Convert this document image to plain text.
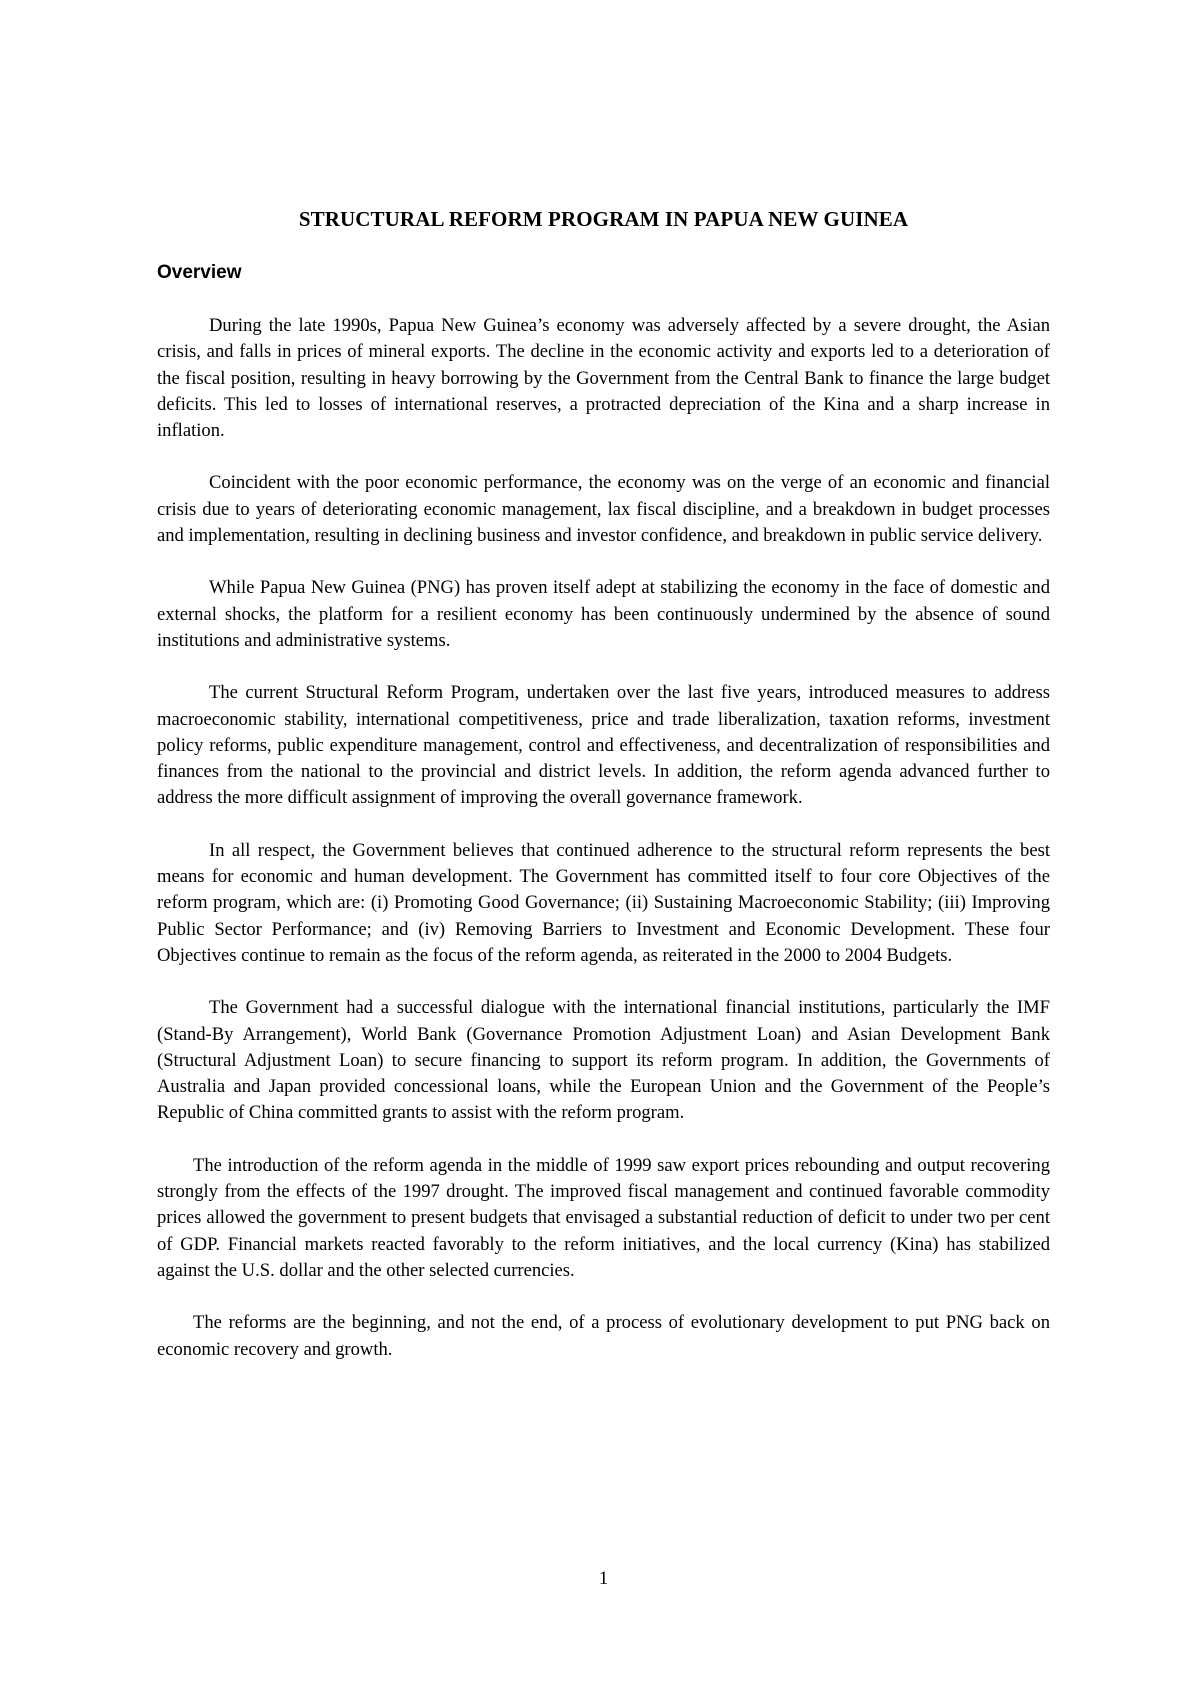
STRUCTURAL REFORM PROGRAM IN PAPUA NEW GUINEA
Overview

During the late 1990s, Papua New Guinea’s economy was adversely affected by a severe drought, the Asian crisis, and falls in prices of mineral exports. The decline in the economic activity and exports led to a deterioration of the fiscal position, resulting in heavy borrowing by the Government from the Central Bank to finance the large budget deficits. This led to losses of international reserves, a protracted depreciation of the Kina and a sharp increase in inflation.

Coincident with the poor economic performance, the economy was on the verge of an economic and financial crisis due to years of deteriorating economic management, lax fiscal discipline, and a breakdown in budget processes and implementation, resulting in declining business and investor confidence, and breakdown in public service delivery.

While Papua New Guinea (PNG) has proven itself adept at stabilizing the economy in the face of domestic and external shocks, the platform for a resilient economy has been continuously undermined by the absence of sound institutions and administrative systems.

The current Structural Reform Program, undertaken over the last five years, introduced measures to address macroeconomic stability, international competitiveness, price and trade liberalization, taxation reforms, investment policy reforms, public expenditure management, control and effectiveness, and decentralization of responsibilities and finances from the national to the provincial and district levels. In addition, the reform agenda advanced further to address the more difficult assignment of improving the overall governance framework.

In all respect, the Government believes that continued adherence to the structural reform represents the best means for economic and human development. The Government has committed itself to four core Objectives of the reform program, which are: (i) Promoting Good Governance; (ii) Sustaining Macroeconomic Stability; (iii) Improving Public Sector Performance; and (iv) Removing Barriers to Investment and Economic Development. These four Objectives continue to remain as the focus of the reform agenda, as reiterated in the 2000 to 2004 Budgets.

The Government had a successful dialogue with the international financial institutions, particularly the IMF (Stand-By Arrangement), World Bank (Governance Promotion Adjustment Loan) and Asian Development Bank (Structural Adjustment Loan) to secure financing to support its reform program. In addition, the Governments of Australia and Japan provided concessional loans, while the European Union and the Government of the People’s Republic of China committed grants to assist with the reform program.

The introduction of the reform agenda in the middle of 1999 saw export prices rebounding and output recovering strongly from the effects of the 1997 drought. The improved fiscal management and continued favorable commodity prices allowed the government to present budgets that envisaged a substantial reduction of deficit to under two per cent of GDP. Financial markets reacted favorably to the reform initiatives, and the local currency (Kina) has stabilized against the U.S. dollar and the other selected currencies.

The reforms are the beginning, and not the end, of a process of evolutionary development to put PNG back on economic recovery and growth.

1
